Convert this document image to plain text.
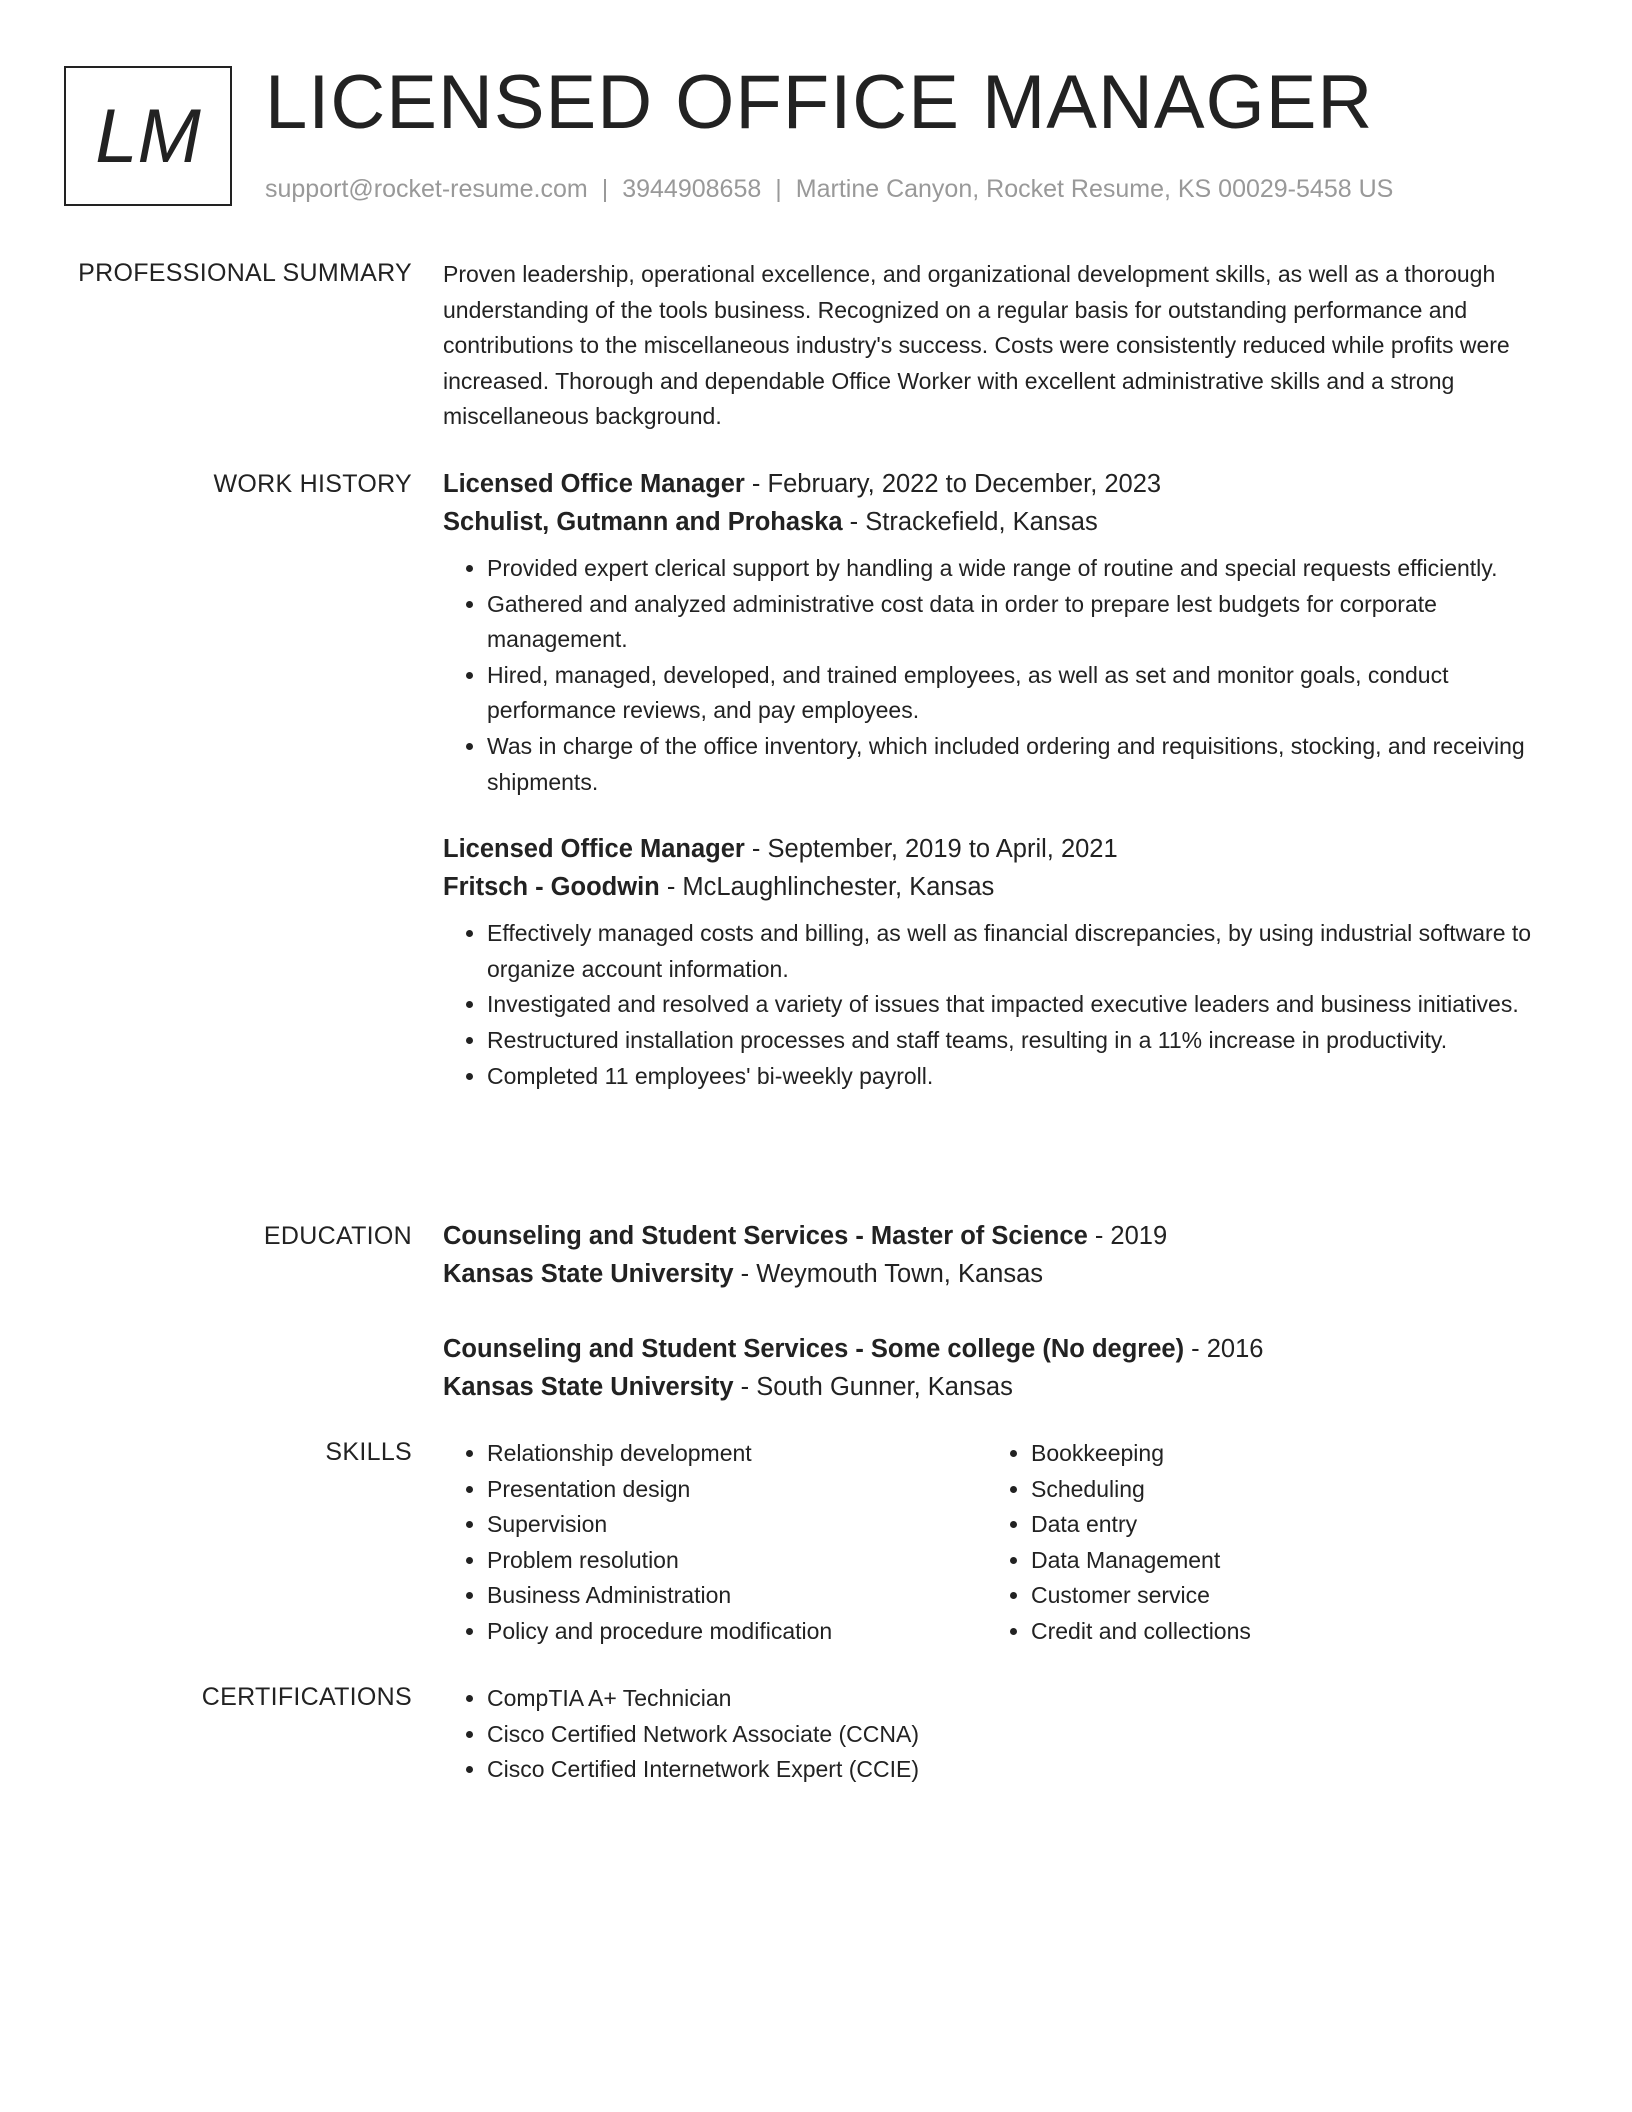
LM LICENSED OFFICE MANAGER
support@rocket-resume.com | 3944908658 | Martine Canyon, Rocket Resume, KS 00029-5458 US
PROFESSIONAL SUMMARY Proven leadership, operational excellence, and organizational development skills, as well as a thorough understanding of the tools business. Recognized on a regular basis for outstanding performance and contributions to the miscellaneous industry's success. Costs were consistently reduced while profits were increased. Thorough and dependable Office Worker with excellent administrative skills and a strong miscellaneous background.

WORK HISTORY Licensed Office Manager - February, 2022 to December, 2023
Schulist, Gutmann and Prohaska - Strackefield, Kansas
• Provided expert clerical support by handling a wide range of routine and special requests efficiently.
• Gathered and analyzed administrative cost data in order to prepare lest budgets for corporate management.
• Hired, managed, developed, and trained employees, as well as set and monitor goals, conduct performance reviews, and pay employees.
• Was in charge of the office inventory, which included ordering and requisitions, stocking, and receiving shipments.
Licensed Office Manager - September, 2019 to April, 2021
Fritsch - Goodwin - McLaughlinchester, Kansas
• Effectively managed costs and billing, as well as financial discrepancies, by using industrial software to organize account information.
• Investigated and resolved a variety of issues that impacted executive leaders and business initiatives.
• Restructured installation processes and staff teams, resulting in a 11% increase in productivity.
• Completed 11 employees' bi-weekly payroll.
EDUCATION Counseling and Student Services - Master of Science - 2019
Kansas State University - Weymouth Town, Kansas
Counseling and Student Services - Some college (No degree) - 2016
Kansas State University - South Gunner, Kansas
SKILLS	• Relationship development
• Presentation design
• Supervision
• Problem resolution
• Business Administration
• Policy and procedure modification
• Bookkeeping
• Scheduling
• Data entry
• Data Management
• Customer service
• Credit and collections
CERTIFICATIONS	• CompTIA A+ Technician
• Cisco Certified Network Associate (CCNA)
• Cisco Certified Internetwork Expert (CCIE)
